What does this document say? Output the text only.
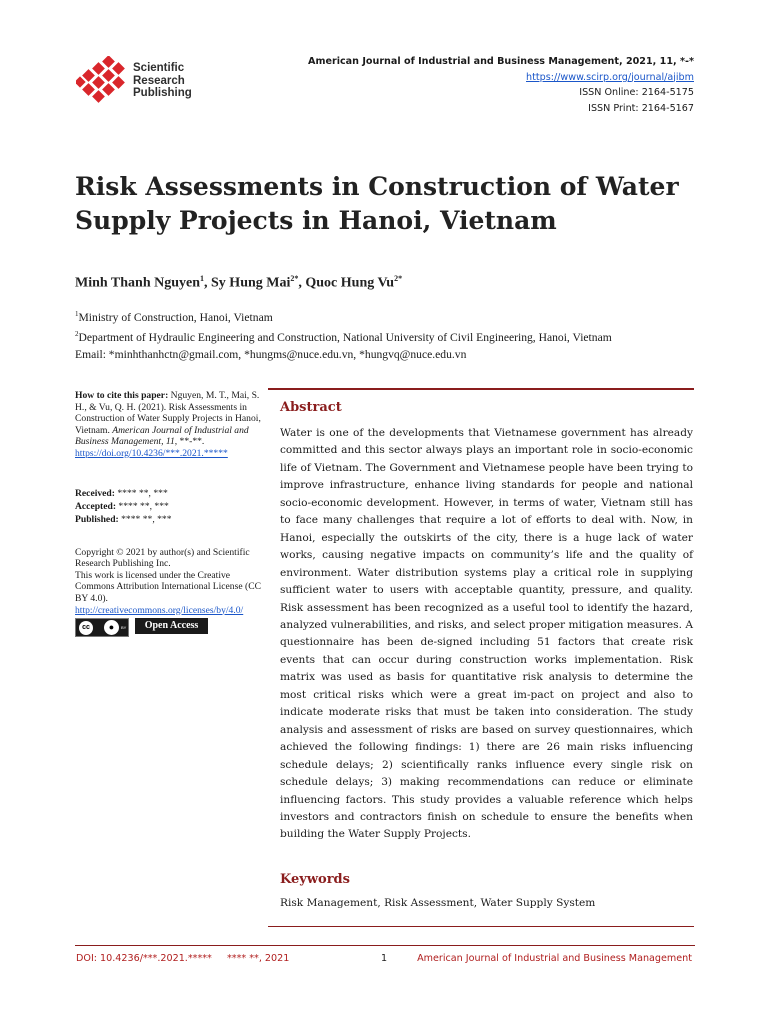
Scientific
Research
Publishing
American Journal of Industrial and Business Management, 2021, 11, *-*
https://www.scirp.org/journal/ajibm
ISSN Online: 2164-5175
ISSN Print: 2164-5167
Risk Assessments in Construction of Water
Supply Projects in Hanoi, Vietnam
Minh Thanh Nguyen$^1$, Sy Hung Mai$^{2*}$, Quoc Hung $Vu^{2*}$
$^1$Ministry of Construction, Hanoi, Vietnam
$^2$Department of Hydraulic Engineering and Construction, National University of Civil Engineering, Hanoi, Vietnam
Email: *minhthanhctn@gmail.com, *hungms@nuce.edu.vn, *hungvq@nuce.edu.vn
How to cite this paper: Nguyen, M. T., Mai, S. H., & Vu, Q. H. (2021). Risk Assessments in Construction of Water Supply Projects in Hanoi, Vietnam. American Journal of Industrial and Business Management, 11, **-**.
https://doi.org/10.4236/***.2021.*****
Received: **** **, ***
Accepted: **** **, ***
Published: **** **, ***
Copyright © 2021 by author(s) and Scientific Research Publishing Inc.
This work is licensed under the Creative Commons Attribution International License (CC BY 4.0).
http://creativecommons.org/licenses/by/4.0/
cc	●	BY	Open Access
Abstract

Water is one of the developments that Vietnamese government has already committed and this sector always plays an important role in socio-economic life of Vietnam. The Government and Vietnamese people have been trying to improve infrastructure, enhance living standards for people and national socio-economic development. However, in terms of water, Vietnam still has to face many challenges that require a lot of efforts to deal with. Now, in Hanoi, especially the outskirts of the city, there is a huge lack of water works, causing negative impacts on community’s life and the quality of environment. Water distribution systems play a critical role in supplying sufficient water to users with acceptable quantity, pressure, and quality. Risk assessment has been recognized as a useful tool to identify the hazard, analyzed vulnerabilities, and risks, and select proper mitigation measures. A questionnaire has been de-signed including 51 factors that create risk events that can occur during construction works implementation. Risk matrix was used as basis for quantitative risk analysis to determine the most critical risks which were a great im-pact on project and also to indicate moderate risks that must be taken into consideration. The study analysis and assessment of risks are based on survey questionnaires, which achieved the following findings: 1) there are 26 main risks influencing schedule delays; 2) scientifically ranks influence every single risk on schedule delays; 3) making recommendations can reduce or eliminate influencing factors. This study provides a valuable reference which helps investors and contractors finish on schedule to ensure the benefits when building the Water Supply Projects.

Keywords
Risk Management, Risk Assessment, Water Supply System
DOI: 10.4236/***.2021.***** **** **, 2021	1	American Journal of Industrial and Business Management
